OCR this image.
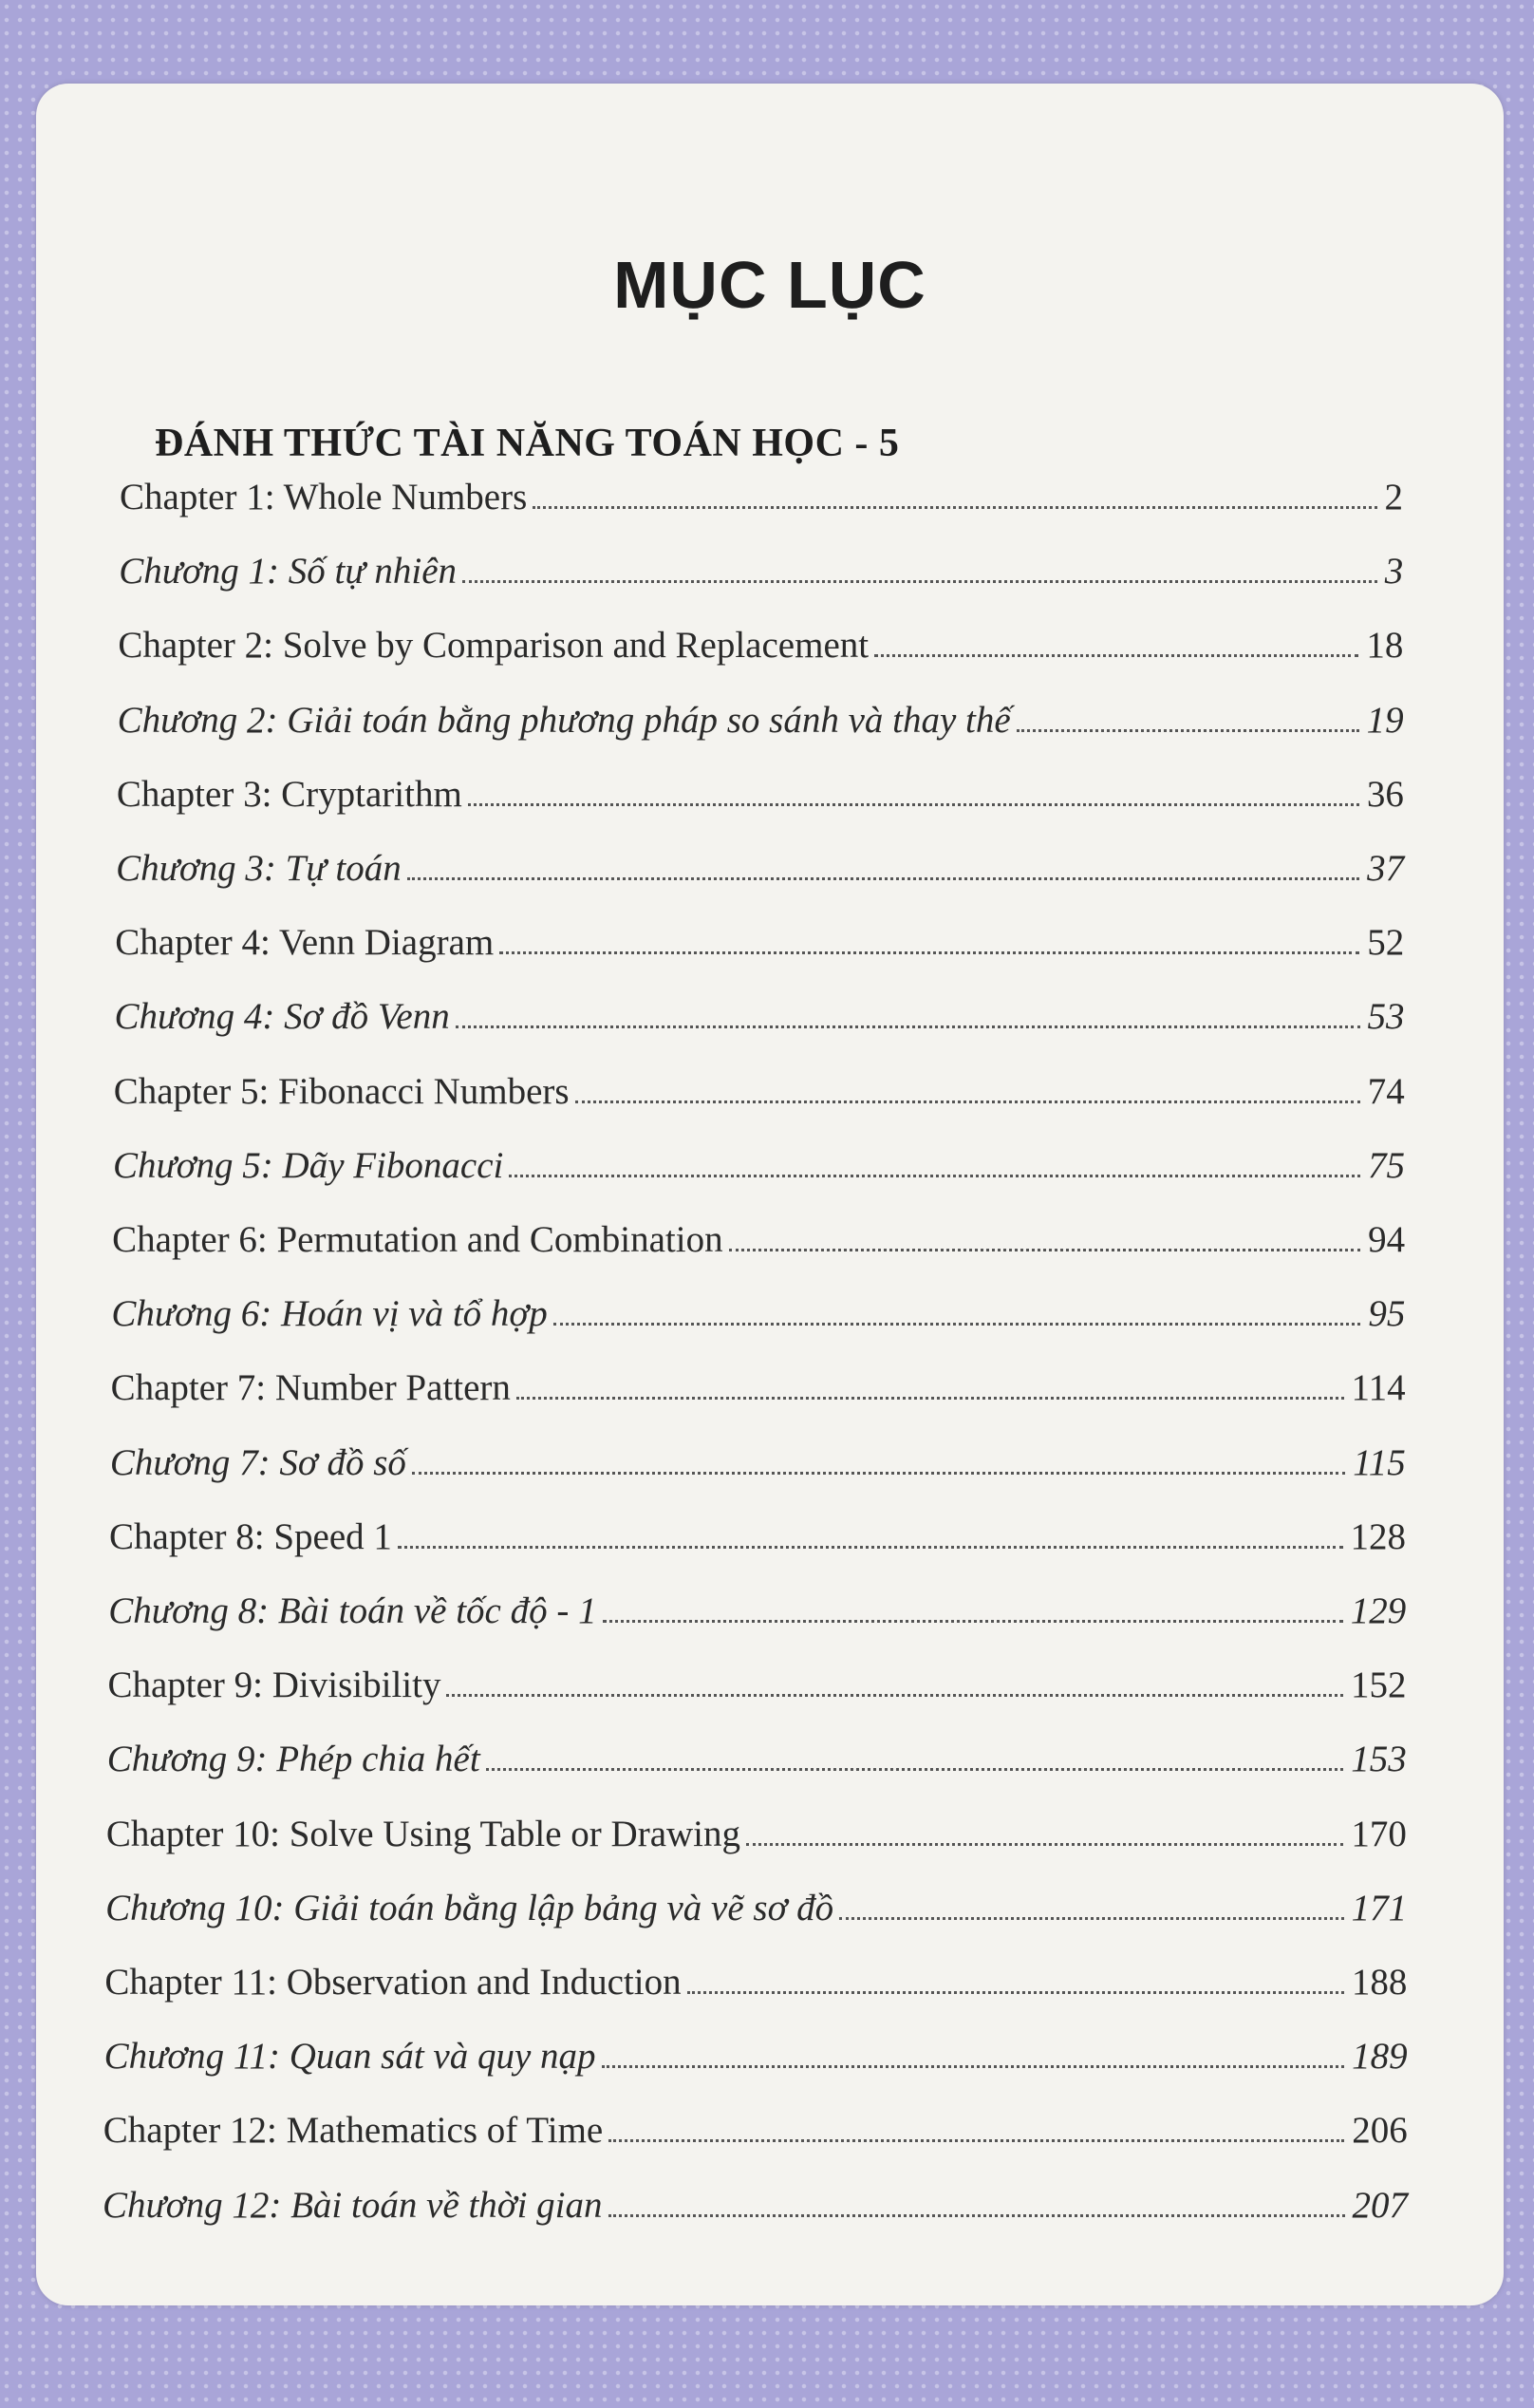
MỤC LỤC
ĐÁNH THỨC TÀI NĂNG TOÁN HỌC - 5
Chapter 1: Whole Numbers	2
Chương 1: Số tự nhiên	3
Chapter 2: Solve by Comparison and Replacement	18
Chương 2: Giải toán bằng phương pháp so sánh và thay thế	19
Chapter 3: Cryptarithm	36
Chương 3: Tự toán	37
Chapter 4: Venn Diagram	52
Chương 4: Sơ đồ Venn	53
Chapter 5: Fibonacci Numbers	74
Chương 5: Dãy Fibonacci	75
Chapter 6: Permutation and Combination	94
Chương 6: Hoán vị và tổ hợp	95
Chapter 7: Number Pattern	114
Chương 7: Sơ đồ số	115
Chapter 8: Speed 1	128
Chương 8: Bài toán về tốc độ - 1	129
Chapter 9: Divisibility	152
Chương 9: Phép chia hết	153
Chapter 10: Solve Using Table or Drawing	170
Chương 10: Giải toán bằng lập bảng và vẽ sơ đồ	171
Chapter 11: Observation and Induction	188
Chương 11: Quan sát và quy nạp	189
Chapter 12: Mathematics of Time	206
Chương 12: Bài toán về thời gian	207
